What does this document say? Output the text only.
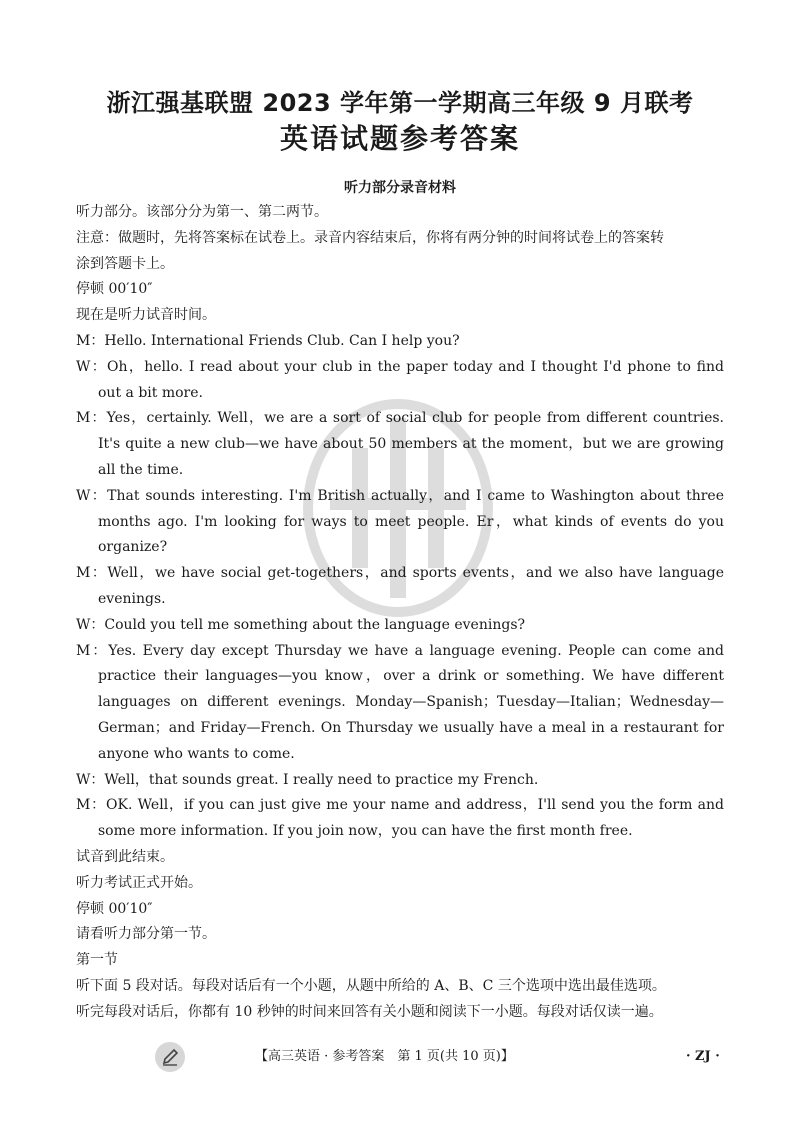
浙江强基联盟 2023 学年第一学期高三年级 9 月联考
英语试题参考答案
听力部分录音材料
听力部分。该部分分为第一、第二两节。
注意：做题时，先将答案标在试卷上。录音内容结束后，你将有两分钟的时间将试卷上的答案转
涂到答题卡上。
停顿 00′10″
现在是听力试音时间。
M：Hello. International Friends Club. Can I help you?
W：Oh，hello. I read about your club in the paper today and I thought I'd phone to find out a bit more.
M：Yes，certainly. Well，we are a sort of social club for people from different countries. It's quite a new club—we have about 50 members at the moment，but we are growing all the time.
W：That sounds interesting. I'm British actually，and I came to Washington about three months ago. I'm looking for ways to meet people. Er，what kinds of events do you organize?
M：Well，we have social get-togethers，and sports events，and we also have language evenings.
W：Could you tell me something about the language evenings?
M：Yes. Every day except Thursday we have a language evening. People can come and practice their languages—you know，over a drink or something. We have different languages on different evenings. Monday—Spanish；Tuesday—Italian；Wednesday—German；and Friday—French. On Thursday we usually have a meal in a restaurant for anyone who wants to come.
W：Well，that sounds great. I really need to practice my French.
M：OK. Well，if you can just give me your name and address，I'll send you the form and some more information. If you join now，you can have the first month free.
试音到此结束。
听力考试正式开始。
停顿 00′10″
请看听力部分第一节。
第一节
听下面 5 段对话。每段对话后有一个小题，从题中所给的 A、B、C 三个选项中选出最佳选项。
听完每段对话后，你都有 10 秒钟的时间来回答有关小题和阅读下一小题。每段对话仅读一遍。
【高三英语 · 参考答案　第 1 页(共 10 页)】	· ZJ ·
